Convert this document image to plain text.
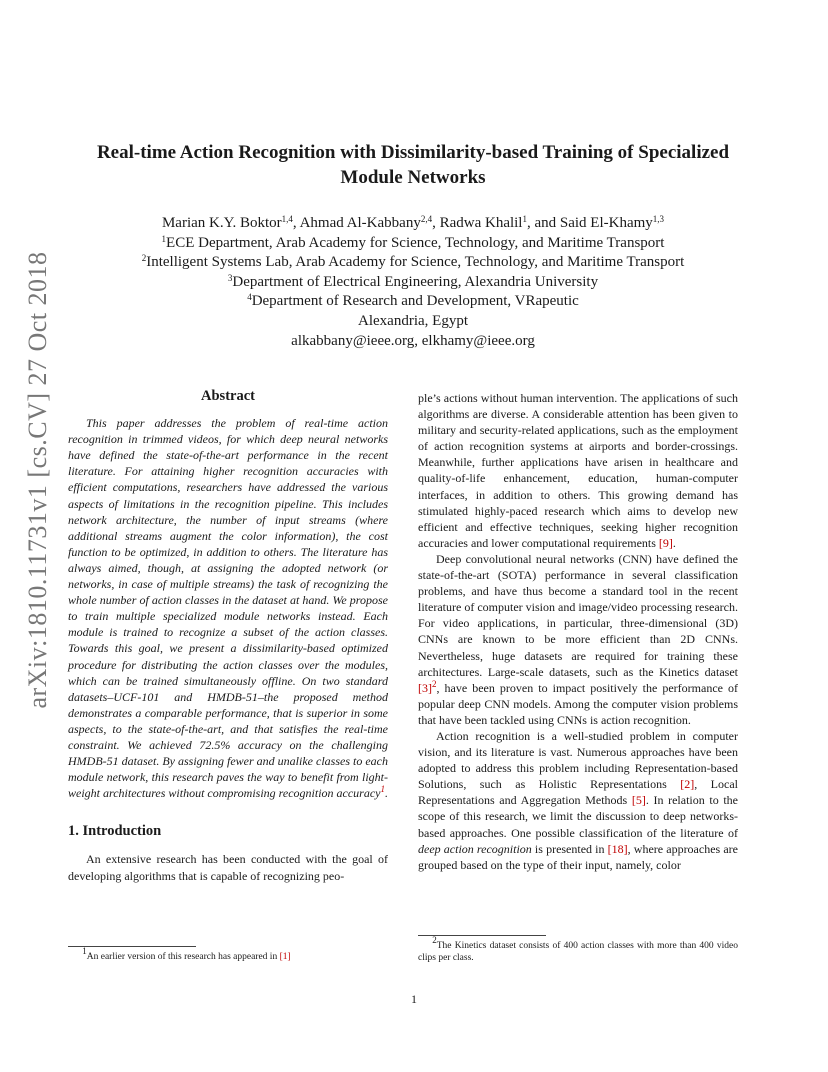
arXiv:1810.11731v1 [cs.CV] 27 Oct 2018
Real-time Action Recognition with Dissimilarity-based Training of Specialized
Module Networks
Marian K.Y. Boktor$^{1,4}$, Ahmad Al-Kabbany$^{2,4}$, Radwa Khalil$^1$, and Said El-Khamy$^{1,3}$
$^1$ECE Department, Arab Academy for Science, Technology, and Maritime Transport
$^2$Intelligent Systems Lab, Arab Academy for Science, Technology, and Maritime Transport
$^3$Department of Electrical Engineering, Alexandria University
$^4$Department of Research and Development, VRapeutic
Alexandria, Egypt
alkabbany@ieee.org, elkhamy@ieee.org
Abstract

This paper addresses the problem of real-time action recognition in trimmed videos, for which deep neural networks have defined the state-of-the-art performance in the recent literature. For attaining higher recognition accuracies with efficient computations, researchers have addressed the various aspects of limitations in the recognition pipeline. This includes network architecture, the number of input streams (where additional streams augment the color information), the cost function to be optimized, in addition to others. The literature has always aimed, though, at assigning the adopted network (or networks, in case of multiple streams) the task of recognizing the whole number of action classes in the dataset at hand. We propose to train multiple specialized module networks instead. Each module is trained to recognize a subset of the action classes. Towards this goal, we present a dissimilarity-based optimized procedure for distributing the action classes over the modules, which can be trained simultaneously offline. On two standard datasets–UCF-101 and HMDB-51–the proposed method demonstrates a comparable performance, that is superior in some aspects, to the state-of-the-art, and that satisfies the real-time constraint. We achieved 72.5% accuracy on the challenging HMDB-51 dataset. By assigning fewer and unalike classes to each module network, this research paves the way to benefit from light-weight architectures without compromising recognition accuracy$^1$.

1. Introduction

An extensive research has been conducted with the goal of developing algorithms that is capable of recognizing peo-

$^1$An earlier version of this research has appeared in [1]

ple’s actions without human intervention. The applications of such algorithms are diverse. A considerable attention has been given to military and security-related applications, such as the employment of action recognition systems at airports and border-crossings. Meanwhile, further applications have arisen in healthcare and quality-of-life enhancement, education, human-computer interfaces, in addition to others. This growing demand has stimulated highly-paced research which aims to develop new efficient and effective techniques, seeking higher recognition accuracies and lower computational requirements [9].

Deep convolutional neural networks (CNN) have defined the state-of-the-art (SOTA) performance in several classification problems, and have thus become a standard tool in the recent literature of computer vision and image/video processing research. For video applications, in particular, three-dimensional (3D) CNNs are known to be more efficient than 2D CNNs. Nevertheless, huge datasets are required for training these architectures. Large-scale datasets, such as the Kinetics dataset [3]$^2$, have been proven to impact positively the performance of popular deep CNN models. Among the computer vision problems that have been tackled using CNNs is action recognition.

Action recognition is a well-studied problem in computer vision, and its literature is vast. Numerous approaches have been adopted to address this problem including Representation-based Solutions, such as Holistic Representations [2], Local Representations and Aggregation Methods [5]. In relation to the scope of this research, we limit the discussion to deep networks-based approaches. One possible classification of the literature of deep action recognition is presented in [18], where approaches are grouped based on the type of their input, namely, color

$^2$The Kinetics dataset consists of 400 action classes with more than 400 video clips per class.
1
